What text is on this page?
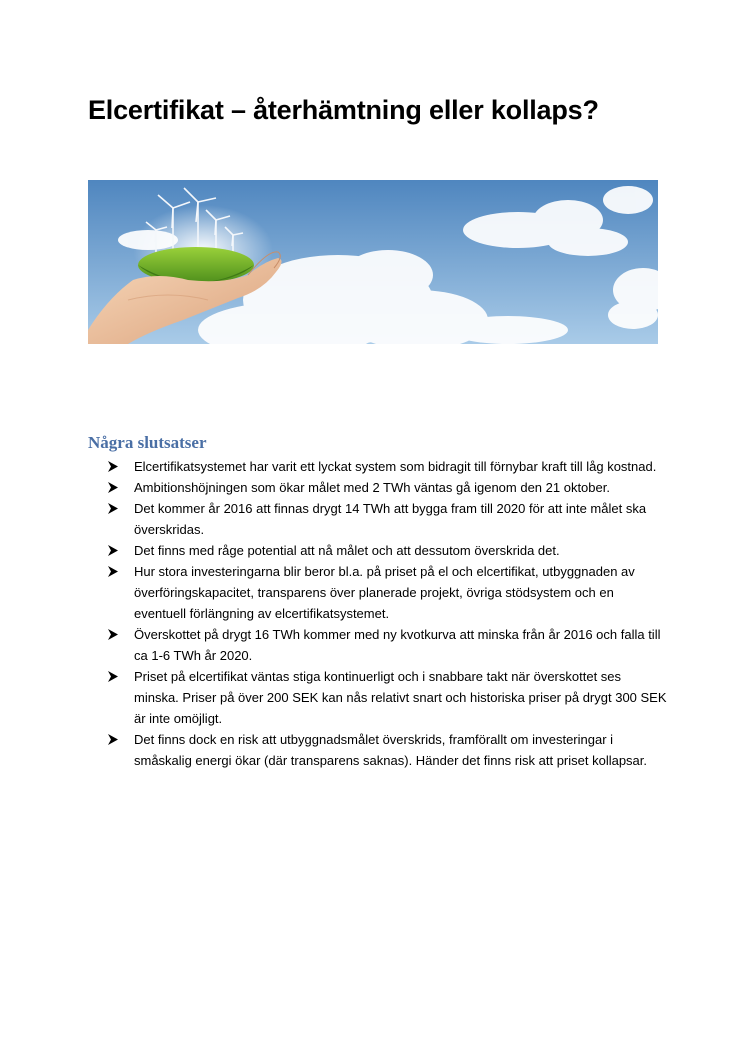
Elcertifikat – återhämtning eller kollaps?
Några slutsatser
Elcertifikatsystemet har varit ett lyckat system som bidragit till förnybar kraft till låg kostnad.
Ambitionshöjningen som ökar målet med 2 TWh väntas gå igenom den 21 oktober.
Det kommer år 2016 att finnas drygt 14 TWh att bygga fram till 2020 för att inte målet ska överskridas.
Det finns med råge potential att nå målet och att dessutom överskrida det.
Hur stora investeringarna blir beror bl.a. på priset på el och elcertifikat, utbyggnaden av överföringskapacitet, transparens över planerade projekt, övriga stödsystem och en eventuell förlängning av elcertifikatsystemet.
Överskottet på drygt 16 TWh kommer med ny kvotkurva att minska från år 2016 och falla till ca 1-6 TWh år 2020.
Priset på elcertifikat väntas stiga kontinuerligt och i snabbare takt när överskottet ses minska. Priser på över 200 SEK kan nås relativt snart och historiska priser på drygt 300 SEK är inte omöjligt.
Det finns dock en risk att utbyggnadsmålet överskrids, framförallt om investeringar i småskalig energi ökar (där transparens saknas). Händer det finns risk att priset kollapsar.
